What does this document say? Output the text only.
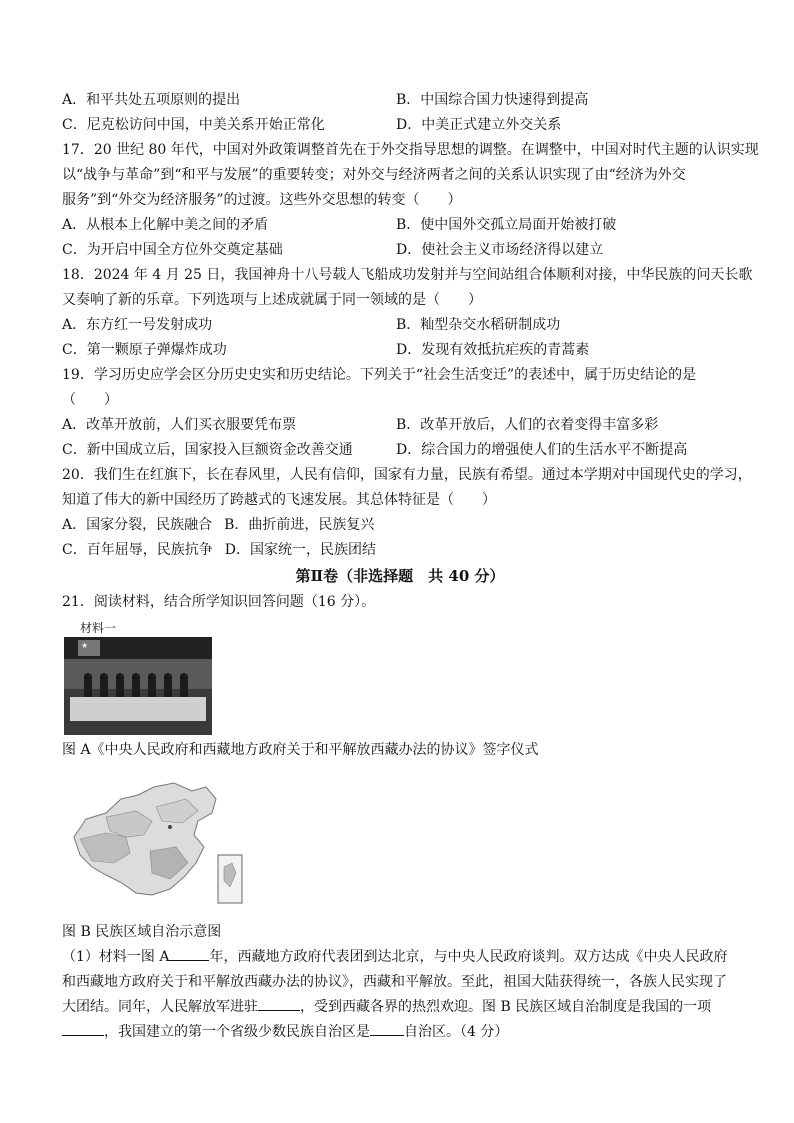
A．和平共处五项原则的提出	B．中国综合国力快速得到提高
C．尼克松访问中国，中美关系开始正常化	D．中美正式建立外交关系
17．20 世纪 80 年代，中国对外政策调整首先在于外交指导思想的调整。在调整中，中国对时代主题的认识实现
以“战争与革命”到“和平与发展”的重要转变；对外交与经济两者之间的关系认识实现了由“经济为外交
服务”到“外交为经济服务”的过渡。这些外交思想的转变（　　）
A．从根本上化解中美之间的矛盾	B．使中国外交孤立局面开始被打破
C．为开启中国全方位外交奠定基础	D．使社会主义市场经济得以建立
18．2024 年 4 月 25 日，我国神舟十八号载人飞船成功发射并与空间站组合体顺利对接，中华民族的问天长歌
又奏响了新的乐章。下列选项与上述成就属于同一领域的是（　　）
A．东方红一号发射成功	B．籼型杂交水稻研制成功
C．第一颗原子弹爆炸成功	D．发现有效抵抗疟疾的青蒿素
19．学习历史应学会区分历史史实和历史结论。下列关于“社会生活变迁”的表述中，属于历史结论的是
（　　）
A．改革开放前，人们买衣服要凭布票	B．改革开放后，人们的衣着变得丰富多彩
C．新中国成立后，国家投入巨额资金改善交通	D．综合国力的增强使人们的生活水平不断提高
20．我们生在红旗下，长在春风里，人民有信仰，国家有力量，民族有希望。通过本学期对中国现代史的学习，
知道了伟大的新中国经历了跨越式的飞速发展。其总体特征是（　　）
A．国家分裂，民族融合 B．曲折前进，民族复兴
C．百年屈辱，民族抗争 D．国家统一，民族团结
第Ⅱ卷（非选择题　共 40 分）
21．阅读材料，结合所学知识回答问题（16 分）。
材料一
★
图 A《中央人民政府和西藏地方政府关于和平解放西藏办法的协议》签字仪式
图 B 民族区域自治示意图
（1）材料一图 A	年，西藏地方政府代表团到达北京，与中央人民政府谈判。双方达成《中央人民政府
和西藏地方政府关于和平解放西藏办法的协议》，西藏和平解放。至此，祖国大陆获得统一，各族人民实现了
大团结。同年，人民解放军进驻	，受到西藏各界的热烈欢迎。图 B 民族区域自治制度是我国的一项
，我国建立的第一个省级少数民族自治区是 自治区。（4 分）
